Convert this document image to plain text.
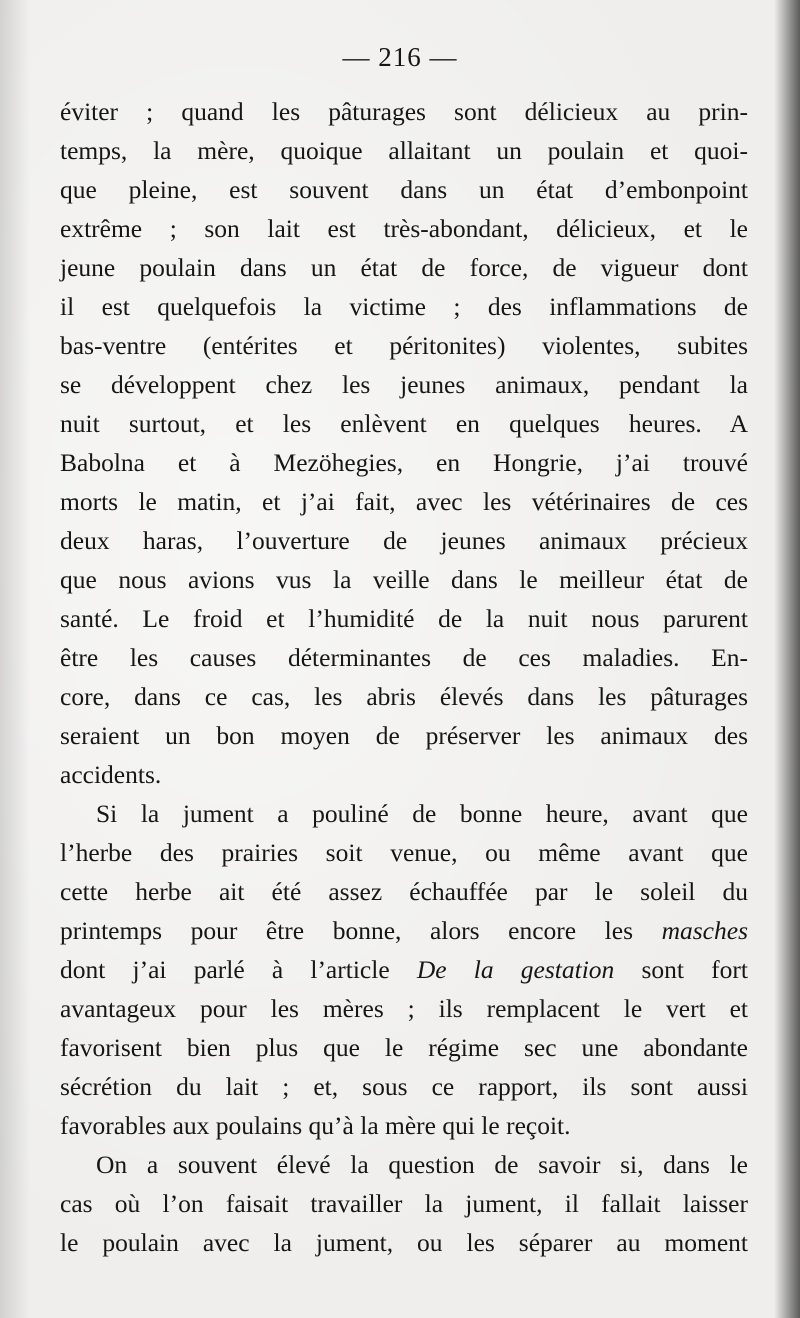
— 216 —
éviter ; quand les pâturages sont délicieux au prin-
temps, la mère, quoique allaitant un poulain et quoi-
que pleine, est souvent dans un état d’embonpoint
extrême ; son lait est très-abondant, délicieux, et le
jeune poulain dans un état de force, de vigueur dont
il est quelquefois la victime ; des inflammations de
bas-ventre (entérites et péritonites) violentes, subites
se développent chez les jeunes animaux, pendant la
nuit surtout, et les enlèvent en quelques heures. A
Babolna et à Mezöhegies, en Hongrie, j’ai trouvé
morts le matin, et j’ai fait, avec les vétérinaires de ces
deux haras, l’ouverture de jeunes animaux précieux
que nous avions vus la veille dans le meilleur état de
santé. Le froid et l’humidité de la nuit nous parurent
être les causes déterminantes de ces maladies. En-
core, dans ce cas, les abris élevés dans les pâturages
seraient un bon moyen de préserver les animaux des
accidents.
Si la jument a pouliné de bonne heure, avant que
l’herbe des prairies soit venue, ou même avant que
cette herbe ait été assez échauffée par le soleil du
printemps pour être bonne, alors encore les masches
dont j’ai parlé à l’article De la gestation sont fort
avantageux pour les mères ; ils remplacent le vert et
favorisent bien plus que le régime sec une abondante
sécrétion du lait ; et, sous ce rapport, ils sont aussi
favorables aux poulains qu’à la mère qui le reçoit.
On a souvent élevé la question de savoir si, dans le
cas où l’on faisait travailler la jument, il fallait laisser
le poulain avec la jument, ou les séparer au moment
